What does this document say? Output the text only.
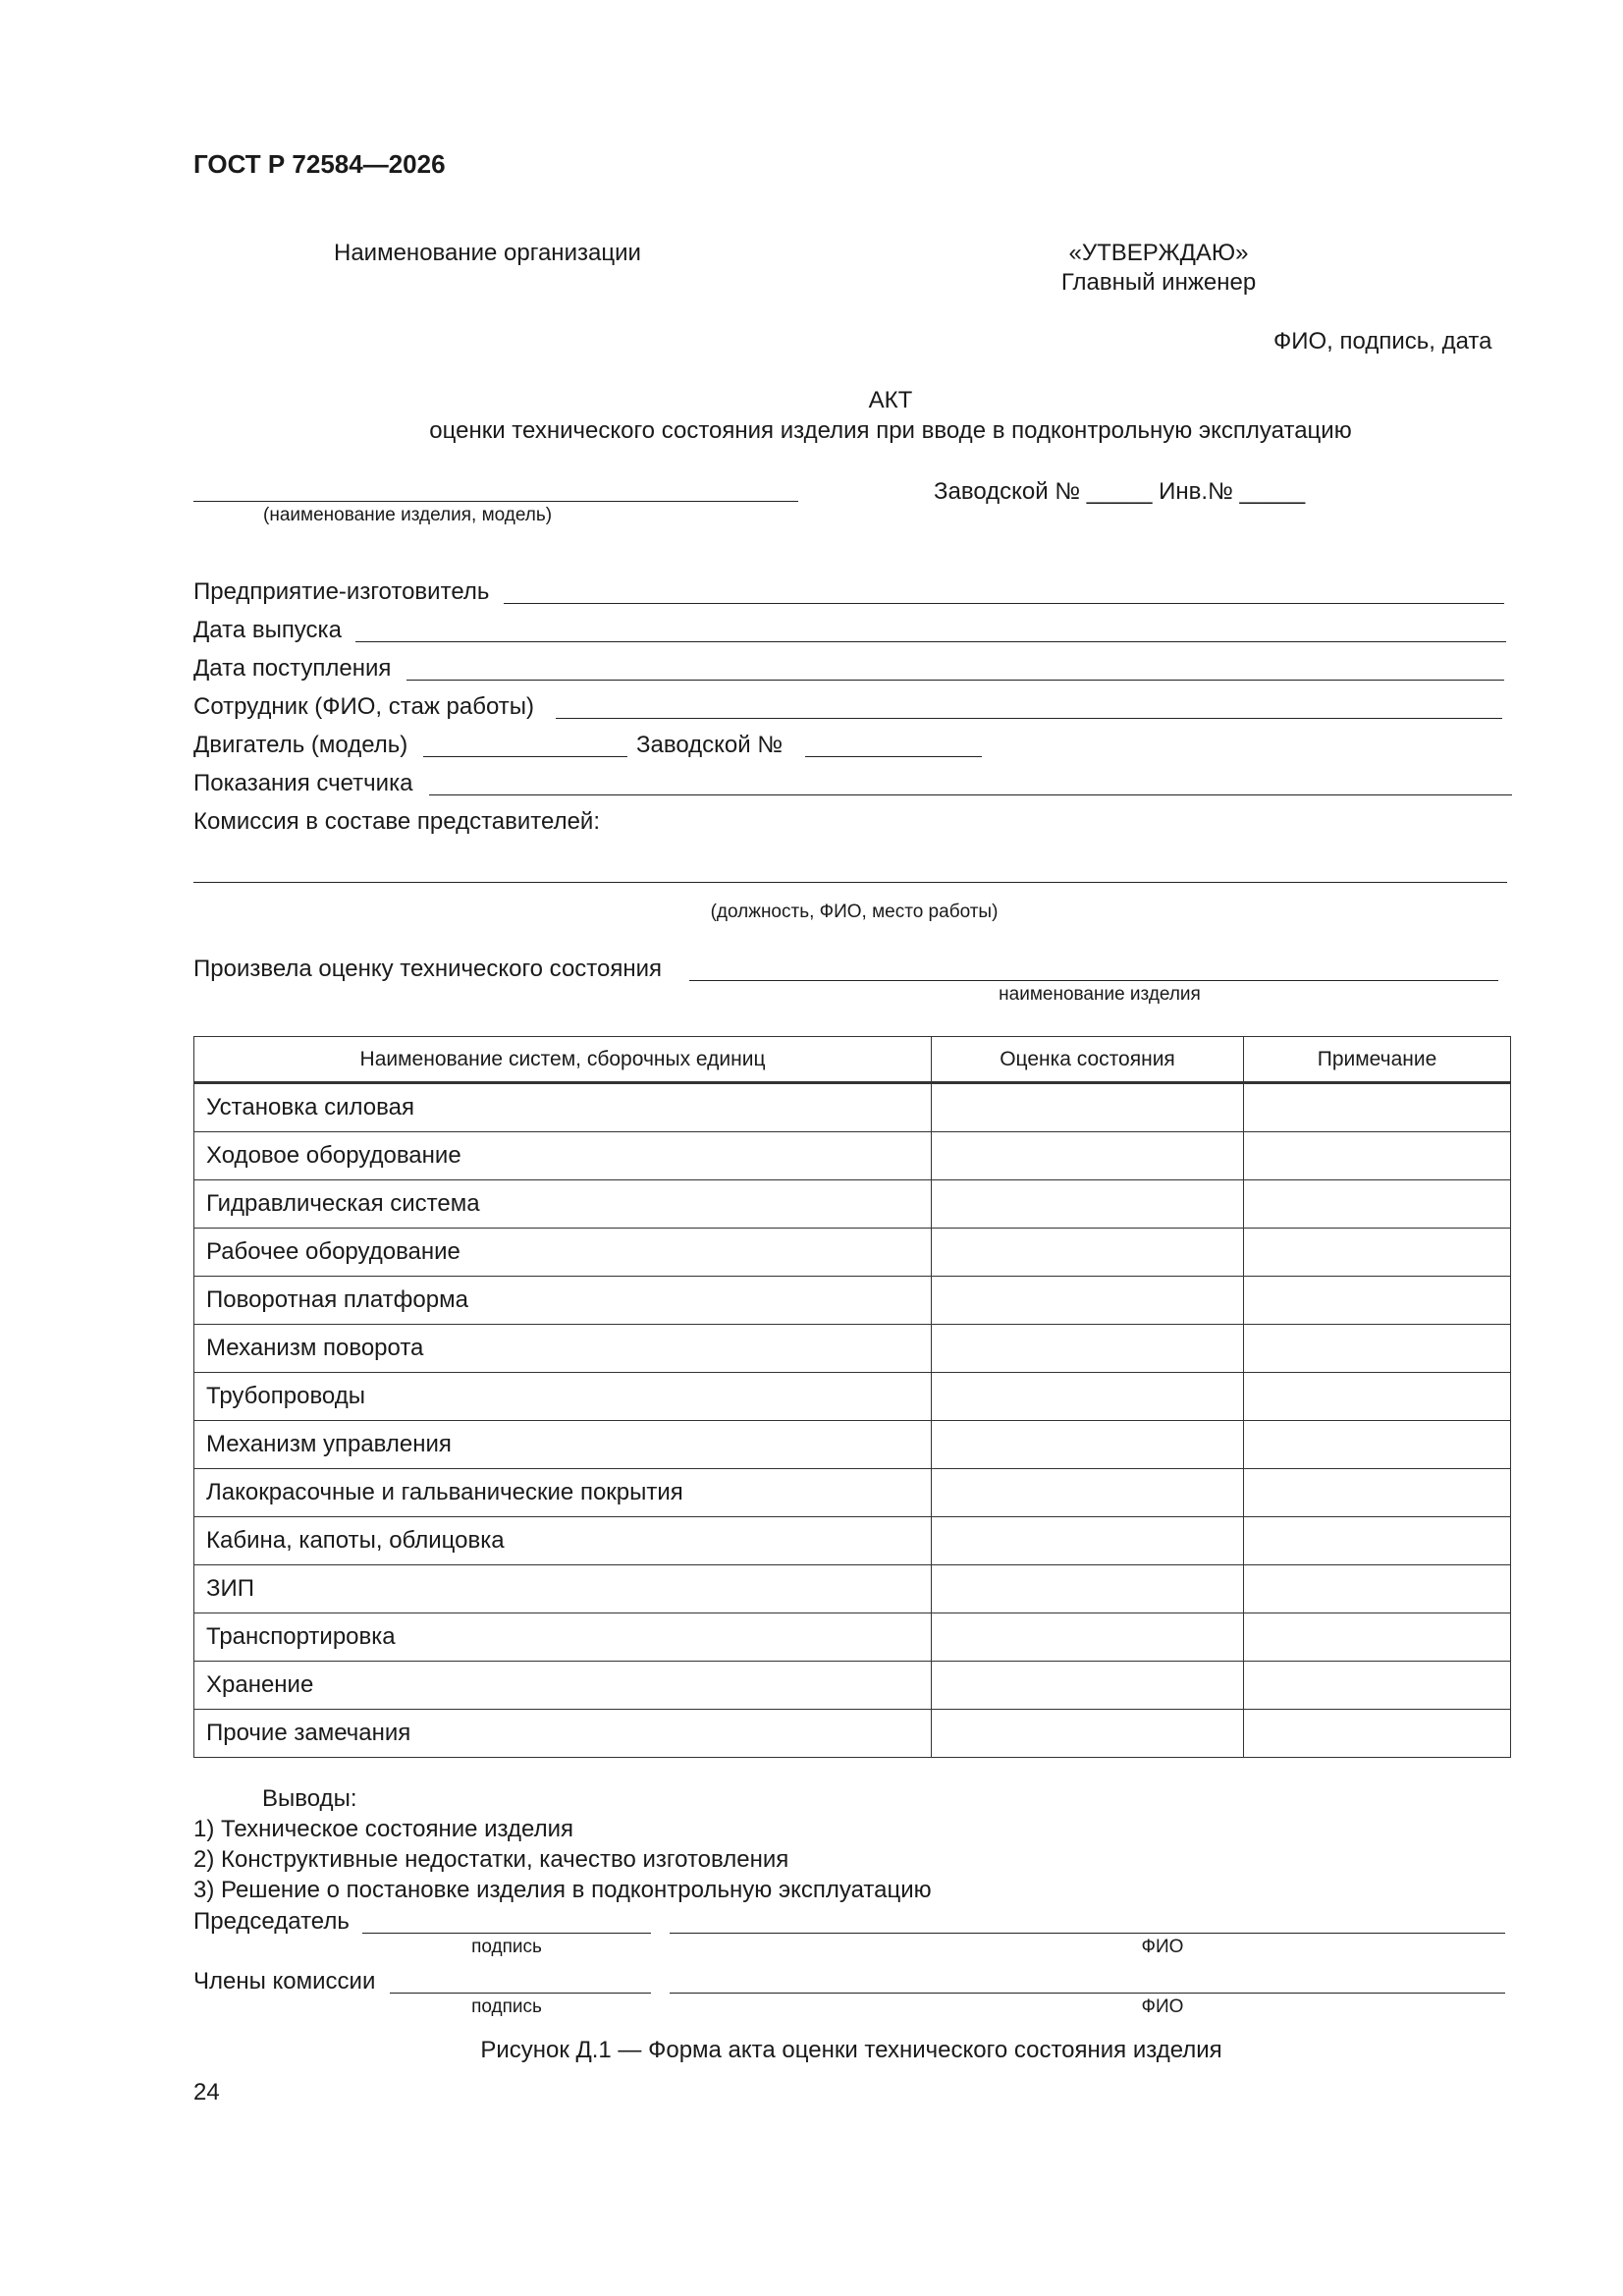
ГОСТ Р 72584—2026
Наименование организации	«УТВЕРЖДАЮ»
Главный инженер
ФИО, подпись, дата
АКТ
оценки технического состояния изделия при вводе в подконтрольную эксплуатацию
(наименование изделия, модель)
Заводской № _____ Инв.№ _____
Предприятие-изготовитель
Дата выпуска
Дата поступления
Сотрудник (ФИО, стаж работы)
Двигатель (модель)	Заводской №
Показания счетчика
Комиссия в составе представителей:
(должность, ФИО, место работы)
Произвела оценку технического состояния
наименование изделия
Наименование систем, сборочных единиц	Оценка состояния	Примечание
Установка силовая		
Ходовое оборудование		
Гидравлическая система		
Рабочее оборудование		
Поворотная платформа		
Механизм поворота		
Трубопроводы		
Механизм управления		
Лакокрасочные и гальванические покрытия		
Кабина, капоты, облицовка		
ЗИП		
Транспортировка		
Хранение		
Прочие замечания		
Выводы:
1) Техническое состояние изделия
2) Конструктивные недостатки, качество изготовления
3) Решение о постановке изделия в подконтрольную эксплуатацию
Председатель
подпись	ФИО
Члены комиссии
подпись	ФИО
Рисунок Д.1 — Форма акта оценки технического состояния изделия
24
